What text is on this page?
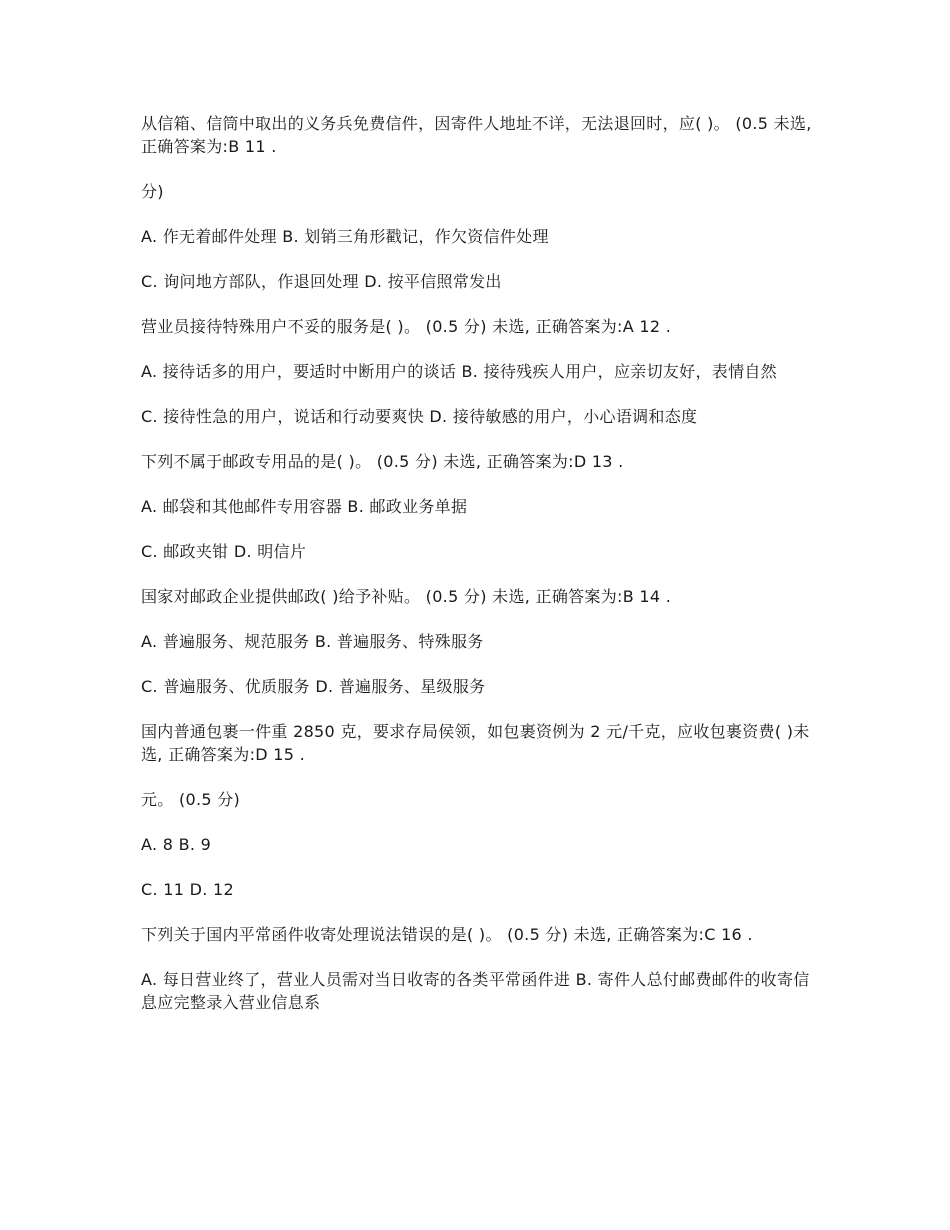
从信箱、信筒中取出的义务兵免费信件，因寄件人地址不详，无法退回时，应( )。 (0.5 未选, 正确答案为:B 11 .

分)

A. 作无着邮件处理 B. 划销三角形戳记，作欠资信件处理

C. 询问地方部队，作退回处理 D. 按平信照常发出

营业员接待特殊用户不妥的服务是( )。 (0.5 分) 未选, 正确答案为:A 12 .

A. 接待话多的用户，要适时中断用户的谈话 B. 接待残疾人用户，应亲切友好，表情自然

C. 接待性急的用户，说话和行动要爽快 D. 接待敏感的用户，小心语调和态度

下列不属于邮政专用品的是( )。 (0.5 分) 未选, 正确答案为:D 13 .

A. 邮袋和其他邮件专用容器 B. 邮政业务单据

C. 邮政夹钳 D. 明信片

国家对邮政企业提供邮政( )给予补贴。 (0.5 分) 未选, 正确答案为:B 14 .

A. 普遍服务、规范服务 B. 普遍服务、特殊服务

C. 普遍服务、优质服务 D. 普遍服务、星级服务

国内普通包裹一件重 2850 克，要求存局侯领，如包裹资例为 2 元/千克，应收包裹资费( )未选, 正确答案为:D 15 .

元。 (0.5 分)

A. 8 B. 9

C. 11 D. 12

下列关于国内平常函件收寄处理说法错误的是( )。 (0.5 分) 未选, 正确答案为:C 16 .

A. 每日营业终了，营业人员需对当日收寄的各类平常函件进 B. 寄件人总付邮费邮件的收寄信息应完整录入营业信息系
